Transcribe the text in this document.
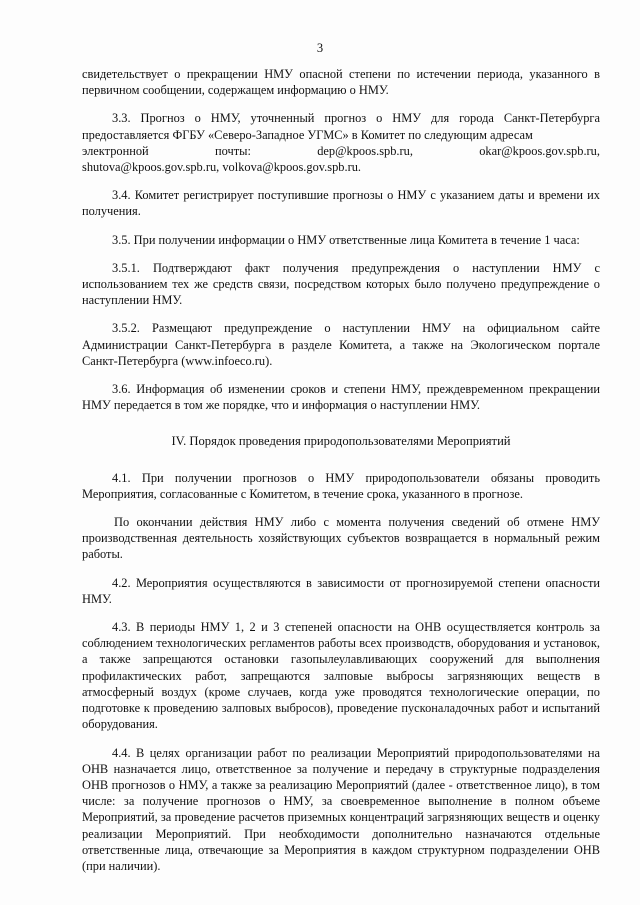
3

свидетельствует о прекращении НМУ опасной степени по истечении периода, указанного в первичном сообщении, содержащем информацию о НМУ.

3.3. Прогноз о НМУ, уточненный прогноз о НМУ для города Санкт-Петербурга предоставляется ФГБУ «Северо-Западное УГМС» в Комитет по следующим адресам
электронной	почты:	dep@kpoos.spb.ru,	okar@kpoos.gov.spb.ru,
shutova@kpoos.gov.spb.ru, volkova@kpoos.gov.spb.ru.

3.4. Комитет регистрирует поступившие прогнозы о НМУ с указанием даты и времени их получения.

3.5. При получении информации о НМУ ответственные лица Комитета в течение 1 часа:

3.5.1. Подтверждают факт получения предупреждения о наступлении НМУ с использованием тех же средств связи, посредством которых было получено предупреждение о наступлении НМУ.

3.5.2. Размещают предупреждение о наступлении НМУ на официальном сайте Администрации Санкт-Петербурга в разделе Комитета, а также на Экологическом портале Санкт-Петербурга (www.infoeco.ru).

3.6. Информация об изменении сроков и степени НМУ, преждевременном прекращении НМУ передается в том же порядке, что и информация о наступлении НМУ.

IV. Порядок проведения природопользователями Мероприятий

4.1. При получении прогнозов о НМУ природопользователи обязаны проводить Мероприятия, согласованные с Комитетом, в течение срока, указанного в прогнозе.

По окончании действия НМУ либо с момента получения сведений об отмене НМУ производственная деятельность хозяйствующих субъектов возвращается в нормальный режим работы.

4.2. Мероприятия осуществляются в зависимости от прогнозируемой степени опасности НМУ.

4.3. В периоды НМУ 1, 2 и 3 степеней опасности на ОНВ осуществляется контроль за соблюдением технологических регламентов работы всех производств, оборудования и установок, а также запрещаются остановки газопылеулавливающих сооружений для выполнения профилактических работ, запрещаются залповые выбросы загрязняющих веществ в атмосферный воздух (кроме случаев, когда уже проводятся технологические операции, по подготовке к проведению залповых выбросов), проведение пусконаладочных работ и испытаний оборудования.

4.4. В целях организации работ по реализации Мероприятий природопользователями на ОНВ назначается лицо, ответственное за получение и передачу в структурные подразделения ОНВ прогнозов о НМУ, а также за реализацию Мероприятий (далее - ответственное лицо), в том числе: за получение прогнозов о НМУ, за своевременное выполнение в полном объеме Мероприятий, за проведение расчетов приземных концентраций загрязняющих веществ и оценку реализации Мероприятий. При необходимости дополнительно назначаются отдельные ответственные лица, отвечающие за Мероприятия в каждом структурном подразделении ОНВ (при наличии).
